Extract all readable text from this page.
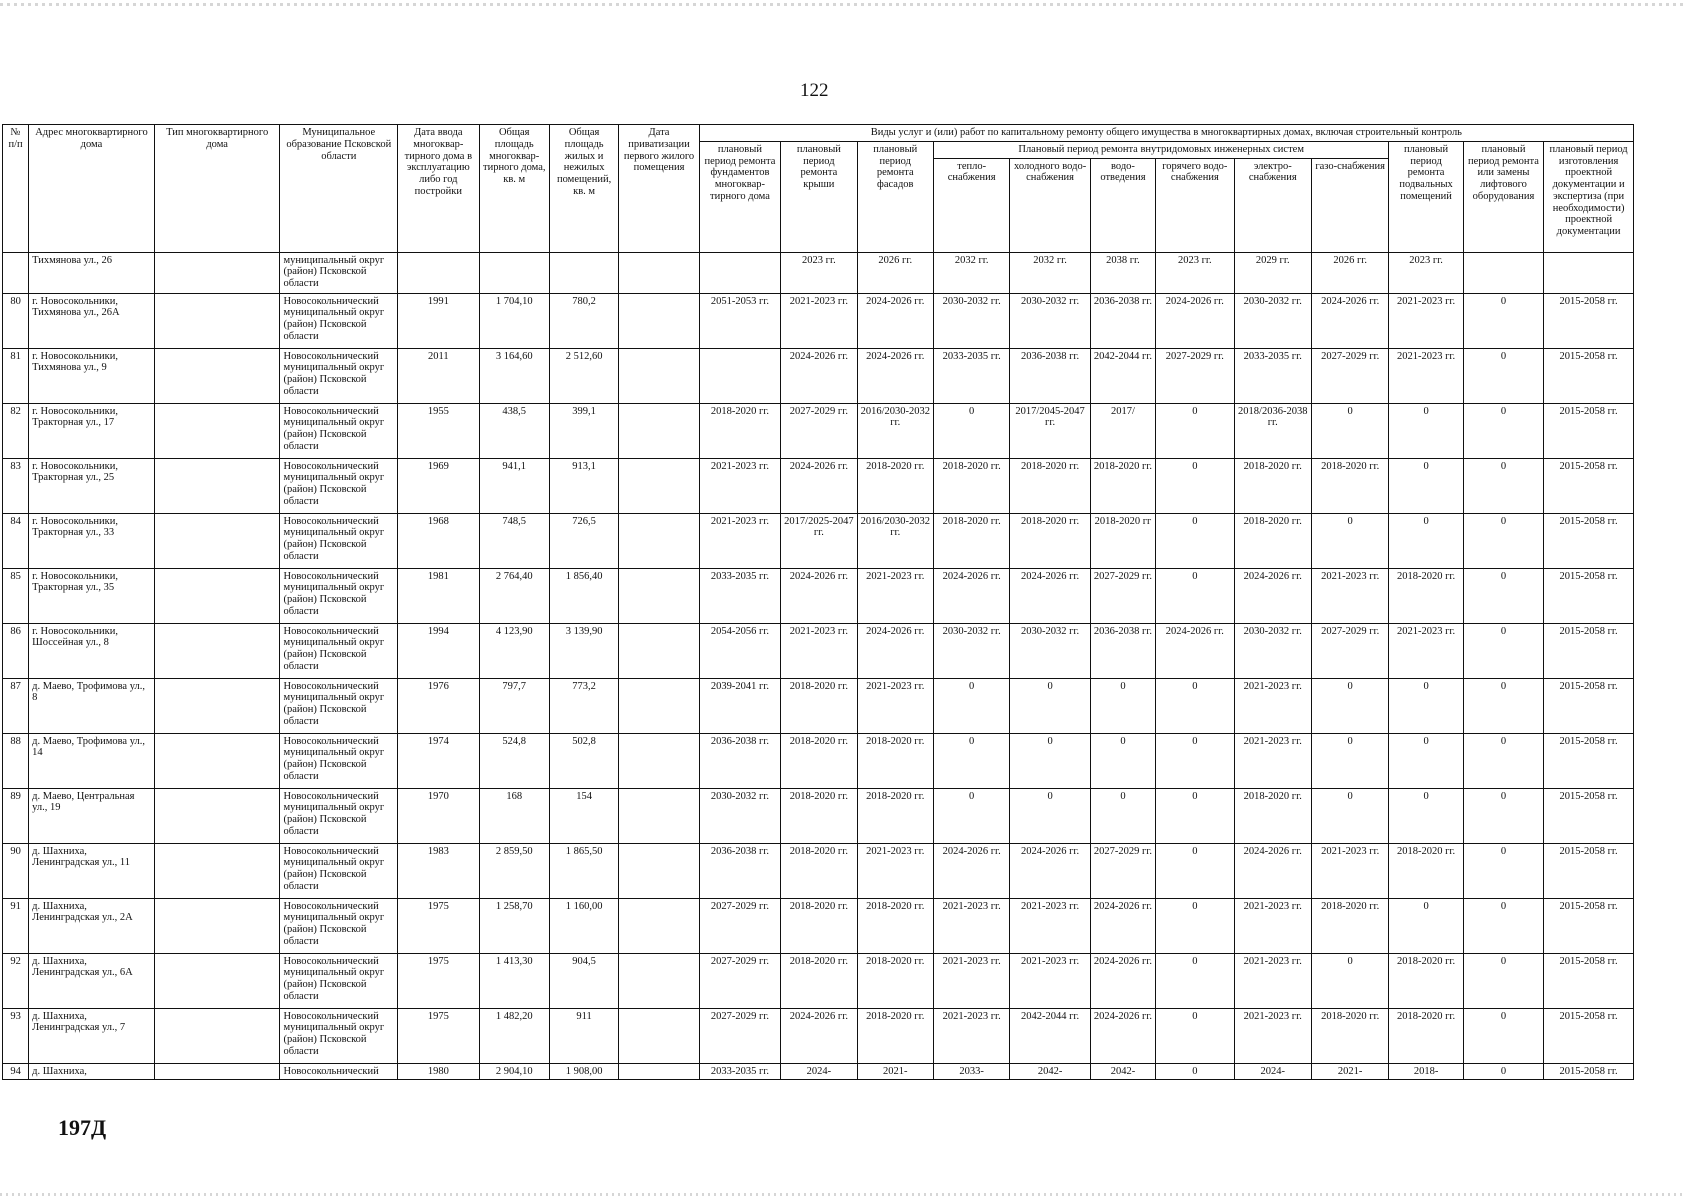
122
№ п/п	Адрес многоквартирного дома	Тип многоквартирного дома	Муниципальное образование Псковской области	Дата ввода многоквар-тирного дома в эксплуатацию либо год постройки	Общая площадь многоквар-тирного дома, кв. м	Общая площадь жилых и нежилых помещений, кв. м	Дата приватизации первого жилого помещения	Виды услуг и (или) работ по капитальному ремонту общего имущества в многоквартирных домах, включая строительный контроль											
								плановый период ремонта фундаментов многоквар-тирного дома	плановый период ремонта крыши	плановый период ремонта фасадов	Плановый период ремонта внутридомовых инженерных систем						плановый период ремонта подвальных помещений	плановый период ремонта или замены лифтового оборудования	плановый период изготовления проектной документации и экспертиза (при необходимости) проектной документации
											тепло-снабжения	холодного водо-снабжения	водо-отведения	горячего водо-снабжения	электро-снабжения	газо-снабжения			
	Тихмянова ул., 26		муниципальный округ (район) Псковской области						2023 гг.	2026 гг.	2032 гг.	2032 гг.	2038 гг.	2023 гг.	2029 гг.	2026 гг.	2023 гг.		
80	г. Новосокольники, Тихмянова ул., 26А		Новосокольнический муниципальный округ (район) Псковской области	1991	1 704,10	780,2		2051-2053 гг.	2021-2023 гг.	2024-2026 гг.	2030-2032 гг.	2030-2032 гг.	2036-2038 гг.	2024-2026 гг.	2030-2032 гг.	2024-2026 гг.	2021-2023 гг.	0	2015-2058 гг.
81	г. Новосокольники, Тихмянова ул., 9		Новосокольнический муниципальный округ (район) Псковской области	2011	3 164,60	2 512,60			2024-2026 гг.	2024-2026 гг.	2033-2035 гг.	2036-2038 гг.	2042-2044 гг.	2027-2029 гг.	2033-2035 гг.	2027-2029 гг.	2021-2023 гг.	0	2015-2058 гг.
82	г. Новосокольники, Тракторная ул., 17		Новосокольнический муниципальный округ (район) Псковской области	1955	438,5	399,1		2018-2020 гг.	2027-2029 гг.	2016/2030-2032 гг.	0	2017/2045-2047 гг.	2017/	0	2018/2036-2038 гг.	0	0	0	2015-2058 гг.
83	г. Новосокольники, Тракторная ул., 25		Новосокольнический муниципальный округ (район) Псковской области	1969	941,1	913,1		2021-2023 гг.	2024-2026 гг.	2018-2020 гг.	2018-2020 гг.	2018-2020 гг.	2018-2020 гг.	0	2018-2020 гг.	2018-2020 гг.	0	0	2015-2058 гг.
84	г. Новосокольники, Тракторная ул., 33		Новосокольнический муниципальный округ (район) Псковской области	1968	748,5	726,5		2021-2023 гг.	2017/2025-2047 гг.	2016/2030-2032 гг.	2018-2020 гг.	2018-2020 гг.	2018-2020 гг	0	2018-2020 гг.	0	0	0	2015-2058 гг.
85	г. Новосокольники, Тракторная ул., 35		Новосокольнический муниципальный округ (район) Псковской области	1981	2 764,40	1 856,40		2033-2035 гг.	2024-2026 гг.	2021-2023 гг.	2024-2026 гг.	2024-2026 гг.	2027-2029 гг.	0	2024-2026 гг.	2021-2023 гг.	2018-2020 гг.	0	2015-2058 гг.
86	г. Новосокольники, Шоссейная ул., 8		Новосокольнический муниципальный округ (район) Псковской области	1994	4 123,90	3 139,90		2054-2056 гг.	2021-2023 гг.	2024-2026 гг.	2030-2032 гг.	2030-2032 гг.	2036-2038 гг.	2024-2026 гг.	2030-2032 гг.	2027-2029 гг.	2021-2023 гг.	0	2015-2058 гг.
87	д. Маево, Трофимова ул., 8		Новосокольнический муниципальный округ (район) Псковской области	1976	797,7	773,2		2039-2041 гг.	2018-2020 гг.	2021-2023 гг.	0	0	0	0	2021-2023 гг.	0	0	0	2015-2058 гг.
88	д. Маево, Трофимова ул., 14		Новосокольнический муниципальный округ (район) Псковской области	1974	524,8	502,8		2036-2038 гг.	2018-2020 гг.	2018-2020 гг.	0	0	0	0	2021-2023 гг.	0	0	0	2015-2058 гг.
89	д. Маево, Центральная ул., 19		Новосокольнический муниципальный округ (район) Псковской области	1970	168	154		2030-2032 гг.	2018-2020 гг.	2018-2020 гг.	0	0	0	0	2018-2020 гг.	0	0	0	2015-2058 гг.
90	д. Шахниха, Ленинградская ул., 11		Новосокольнический муниципальный округ (район) Псковской области	1983	2 859,50	1 865,50		2036-2038 гг.	2018-2020 гг.	2021-2023 гг.	2024-2026 гг.	2024-2026 гг.	2027-2029 гг.	0	2024-2026 гг.	2021-2023 гг.	2018-2020 гг.	0	2015-2058 гг.
91	д. Шахниха, Ленинградская ул., 2А		Новосокольнический муниципальный округ (район) Псковской области	1975	1 258,70	1 160,00		2027-2029 гг.	2018-2020 гг.	2018-2020 гг.	2021-2023 гг.	2021-2023 гг.	2024-2026 гг.	0	2021-2023 гг.	2018-2020 гг.	0	0	2015-2058 гг.
92	д. Шахниха, Ленинградская ул., 6А		Новосокольнический муниципальный округ (район) Псковской области	1975	1 413,30	904,5		2027-2029 гг.	2018-2020 гг.	2018-2020 гг.	2021-2023 гг.	2021-2023 гг.	2024-2026 гг.	0	2021-2023 гг.	0	2018-2020 гг.	0	2015-2058 гг.
93	д. Шахниха, Ленинградская ул., 7		Новосокольнический муниципальный округ (район) Псковской области	1975	1 482,20	911		2027-2029 гг.	2024-2026 гг.	2018-2020 гг.	2021-2023 гг.	2042-2044 гг.	2024-2026 гг.	0	2021-2023 гг.	2018-2020 гг.	2018-2020 гг.	0	2015-2058 гг.
94	д. Шахниха,		Новосокольнический	1980	2 904,10	1 908,00		2033-2035 гг.	2024-	2021-	2033-	2042-	2042-	0	2024-	2021-	2018-	0	2015-2058 гг.
197Д
